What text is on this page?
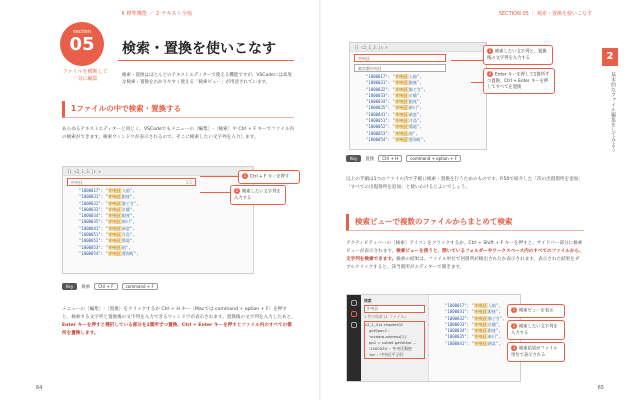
Ⅱ 標準機能 ／ 2 テキスト全般
section
05
ファイルを横断して一気に編集
検索・置換を使いこなす
検索・置換はほとんどのテキストエディターで使える機能ですが、VSCodeには高度な検索・置換をわかりやすく使える「検索ビュー」が用意されています。
1ファイルの中で検索・置換する
あらゆるテキストエディターと同じく、VSCodeでもメニューの［編集］-［検索］や Ctrl + F キーでファイル内の検索ができます。検索ウィンドウが表示されるので、そこに検索したい文字列を入力します。
{} c2_1_3.js ×
中央区	1/1
"1000017": "中央区入船",
"1000031": "中央区銀座",
"1000032": "中央区勝どき",
"1000033": "中央区京橋",
"1000034": "中央区銀座",
"1000035": "中央区新川",
"1000041": "中央区新富",
"1000051": "中央区月島",
"1000052": "中央区築地",
"1000053": "中央区佃",
"1000054": "中央区豊海町",
1 Ctrl + F キーを押す
2 検索したい文字列を入力する
Key	検索	Ctrl + F	command + F
メニューの［編集］-［置換］をクリックするか Ctrl + H キー（Macでは command + option + F）を押すと、検索する文字列と置換後の文字列を入力できるウィンドウが表示されます。置換後の文字列を入力したあと、Enter キーを押すと選択している部分を1箇所ずつ置換、Ctrl + Enter キーを押すとファイル内のすべての箇所を置換します。
64
SECTION 05 ｜ 検索・置換を使いこなす
2
基本的なファイル編集をしてみよう
{} c2_1_3.js ×
中央区
東京都中央区
"1000017": "中央区入船",
"1000031": "中央区銀座",
"1000032": "中央区勝どき",
"1000033": "中央区京橋",
"1000034": "中央区銀座",
"1000035": "中央区新川",
"1000041": "中央区新富",
"1000051": "中央区月島",
"1000052": "中央区築地",
"1000053": "中央区佃",
"1000054": "中央区豊海町",
1 検索したい文字列と、置換後の文字列を入力する
2 Enter キーを押して1箇所ずつ置換、Ctrl + Enter キーを押してすべてを置換
Key	置換	Ctrl + H	command + option + F
以上の手順は1つのファイル内で手軽に検索・置換を行うためのものです。P.50で紹介した「次の出現箇所を追加」「すべての出現箇所を追加」と使いわけるとよいでしょう。
検索ビューで複数のファイルからまとめて検索
アクティビティバーの［検索］アイコンをクリックするか、Ctrl + Shift + F キーを押すと、サイドバー部分に検索ビューが表示されます。検索ビューを使うと、開いているフォルダーやワークスペース内のすべてのファイルから、文字列を検索できます。検索の結果は、ファイル単位で何箇所が検出されたか表示されます。表示された結果をダブルクリックすると、該当箇所がエディターで開きます。
検索
中央区
1 件の結果 (1 ファイル)
c2_1_3.js chapter02
getSpec2 : 'srcdata.address[1]'
pp2 = sublet.getValue ...
'1000034' : '中央区銀座'
'ex' : '中央区平王町'
"1000017": "中央区入船",
"1000031": "中央区銀座",
"1000032": "中央区勝どき",
"1000033": "中央区京橋",
"1000034": "中央区銀座",
"1000035": "中央区新川",
"1000041": "中央区新富",
1 検索ビューを表示
2 検索したい文字列を入力する
3 検索結果がファイル単位で表示される
65
